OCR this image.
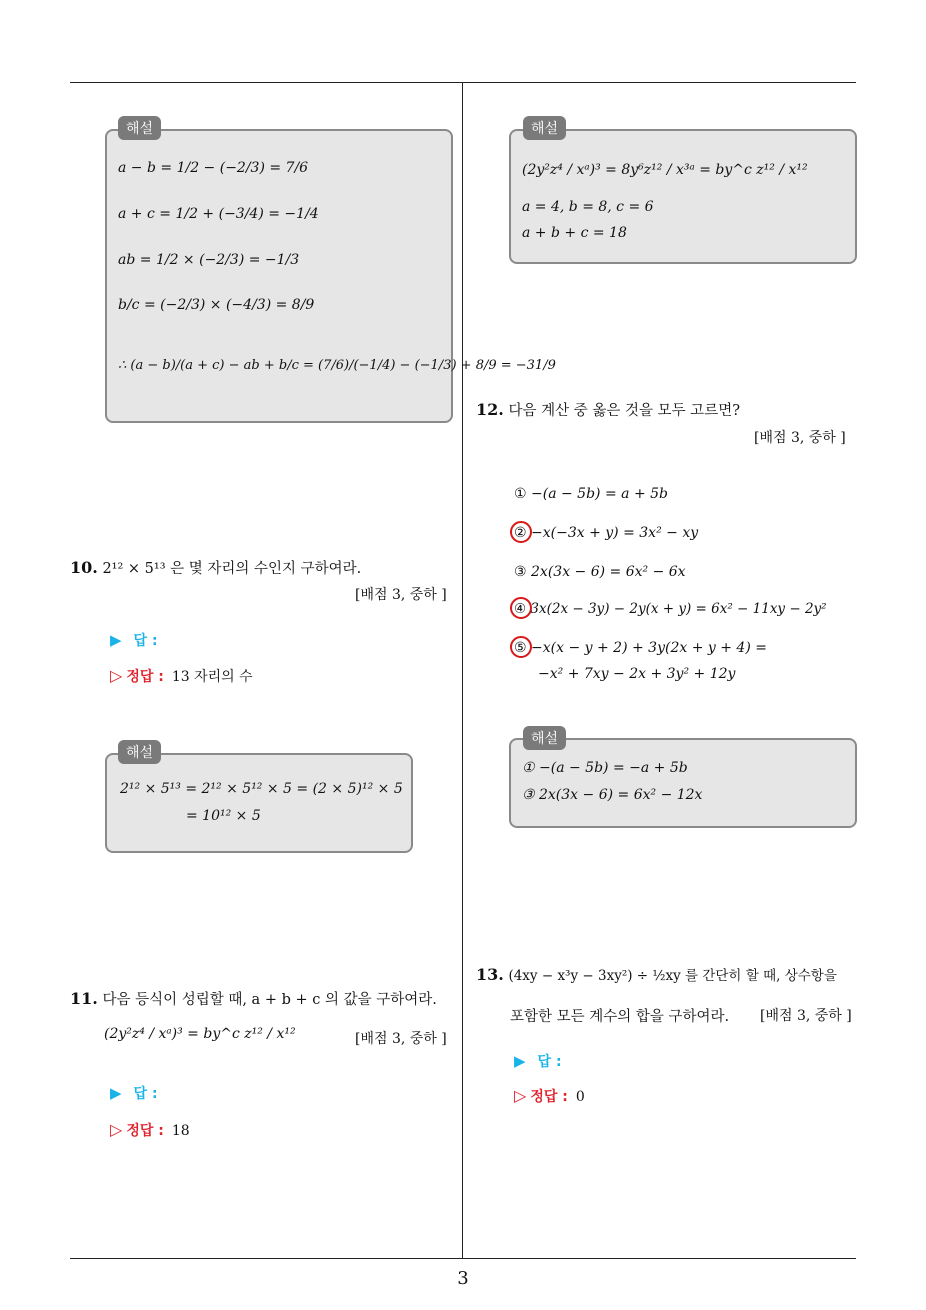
해설
a − b = 1/2 − (−2/3) = 7/6
a + c = 1/2 + (−3/4) = −1/4
ab = 1/2 × (−2/3) = −1/3
b/c = (−2/3) × (−4/3) = 8/9
∴ (a − b)/(a + c) − ab + b/c = (7/6)/(−1/4) − (−1/3) + 8/9 = −31/9
10. 2¹² × 5¹³ 은 몇 자리의 수인지 구하여라.
[배점 3, 중하 ]
▶ 답 :
▷ 정답 : 13 자리의 수
해설
2¹² × 5¹³ = 2¹² × 5¹² × 5 = (2 × 5)¹² × 5
= 10¹² × 5
11. 다음 등식이 성립할 때, a + b + c 의 값을 구하여라.
(2y²z⁴ / xᵃ)³ = by^c z¹² / x¹²	[배점 3, 중하 ]
▶ 답 :
▷ 정답 : 18
해설
(2y²z⁴ / xᵃ)³ = 8y⁶z¹² / x³ᵃ = by^c z¹² / x¹²
a = 4, b = 8, c = 6
a + b + c = 18
12. 다음 계산 중 옳은 것을 모두 고르면?
[배점 3, 중하 ]
① −(a − 5b) = a + 5b
② −x(−3x + y) = 3x² − xy
③ 2x(3x − 6) = 6x² − 6x
④ 3x(2x − 3y) − 2y(x + y) = 6x² − 11xy − 2y²
⑤ −x(x − y + 2) + 3y(2x + y + 4) =
−x² + 7xy − 2x + 3y² + 12y
해설
① −(a − 5b) = −a + 5b
③ 2x(3x − 6) = 6x² − 12x
13. (4xy − x³y − 3xy²) ÷ ½xy 를 간단히 할 때, 상수항을
포함한 모든 계수의 합을 구하여라. [배점 3, 중하 ]
▶ 답 :
▷ 정답 : 0
3
